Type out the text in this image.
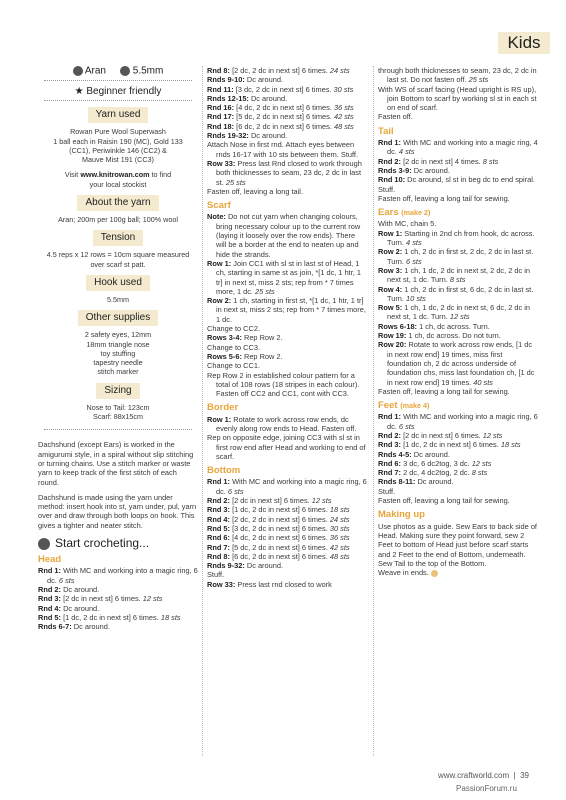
Kids
Aran	5.5mm
★ Beginner friendly
Yarn used
Rowan Pure Wool Superwash
1 ball each in Raisin 190 (MC), Gold 133
(CC1), Periwinkle 146 (CC2) &
Mauve Mist 191 (CC3)
Visit www.knitrowan.com to find
your local stockist
About the yarn
Aran; 200m per 100g ball; 100% wool
Tension
4.5 reps x 12 rows = 10cm square measured
over scarf st patt.
Hook used
5.5mm
Other supplies
2 safety eyes, 12mm
18mm triangle nose
toy stuffing
tapestry needle
stitch marker
Sizing
Nose to Tail: 123cm
Scarf: 88x15cm

Dachshund (except Ears) is worked in the amigurumi style, in a spiral without slip stitching or turning chains. Use a stitch marker or waste yarn to keep track of the first stitch of each round.

Dachshund is made using the yarn under method: insert hook into st, yarn under, pul, yarn over and draw through both loops on hook. This gives a tighter and neater stitch.

Start crocheting...
Head
Rnd 1: With MC and working into a magic ring, 6 dc. 6 sts
Rnd 2: Dc around.
Rnd 3: [2 dc in next st] 6 times. 12 sts
Rnd 4: Dc around.
Rnd 5: [1 dc, 2 dc in next st] 6 times. 18 sts
Rnds 6-7: Dc around.
Rnd 8: [2 dc, 2 dc in next st] 6 times. 24 sts
Rnds 9-10: Dc around.
Rnd 11: [3 dc, 2 dc in next st] 6 times. 30 sts
Rnds 12-15: Dc around.
Rnd 16: [4 dc, 2 dc in next st] 6 times. 36 sts
Rnd 17: [5 dc, 2 dc in next st] 6 times. 42 sts
Rnd 18: [6 dc, 2 dc in next st] 6 times. 48 sts
Rnds 19-32: Dc around.
Attach Nose in first rnd. Attach eyes between rnds 16-17 with 10 sts between them. Stuff.
Row 33: Press last Rnd closed to work through both thicknesses to seam, 23 dc, 2 dc in last st. 25 sts
Fasten off, leaving a long tail.
Scarf
Note: Do not cut yarn when changing colours, bring necessary colour up to the current row (laying it loosely over the row ends). There will be a border at the end to neaten up and hide the strands.
Row 1: Join CC1 with sl st in last st of Head, 1 ch, starting in same st as join, *[1 dc, 1 htr, 1 tr] in next st, miss 2 sts; rep from * 7 times more, 1 dc. 25 sts
Row 2: 1 ch, starting in first st, *[1 dc, 1 htr, 1 tr] in next st, miss 2 sts; rep from * 7 times more, 1 dc.
Change to CC2.
Rows 3-4: Rep Row 2.
Change to CC3.
Rows 5-6: Rep Row 2.
Change to CC1.
Rep Row 2 in established colour pattern for a total of 108 rows (18 stripes in each colour). Fasten off CC2 and CC1, cont with CC3.
Border
Row 1: Rotate to work across row ends, dc evenly along row ends to Head. Fasten off.
Rep on opposite edge, joining CC3 with sl st in first row end after Head and working to end of scarf.
Bottom
Rnd 1: With MC and working into a magic ring, 6 dc. 6 sts
Rnd 2: [2 dc in next st] 6 times. 12 sts
Rnd 3: [1 dc, 2 dc in next st] 6 times. 18 sts
Rnd 4: [2 dc, 2 dc in next st] 6 times. 24 sts
Rnd 5: [3 dc, 2 dc in next st] 6 times. 30 sts
Rnd 6: [4 dc, 2 dc in next st] 6 times. 36 sts
Rnd 7: [5 dc, 2 dc in next st] 6 times. 42 sts
Rnd 8: [6 dc, 2 dc in next st] 6 times. 48 sts
Rnds 9-32: Dc around.
Stuff.
Row 33: Press last rnd closed to work
through both thicknesses to seam, 23 dc, 2 dc in last st. Do not fasten off. 25 sts
With WS of scarf facing (Head upright is RS up), join Bottom to scarf by working sl st in each st on end of scarf.
Fasten off.
Tail
Rnd 1: With MC and working into a magic ring, 4 dc. 4 sts
Rnd 2: [2 dc in next st] 4 times. 8 sts
Rnds 3-9: Dc around.
Rnd 10: Dc around, sl st in beg dc to end spiral.
Stuff.
Fasten off, leaving a long tail for sewing.
Ears (make 2)
With MC, chain 5.
Row 1: Starting in 2nd ch from hook, dc across. Turn. 4 sts
Row 2: 1 ch, 2 dc in first st, 2 dc, 2 dc in last st. Turn. 6 sts
Row 3: 1 ch, 1 dc, 2 dc in next st, 2 dc, 2 dc in next st, 1 dc. Turn. 8 sts
Row 4: 1 ch, 2 dc in first st, 6 dc, 2 dc in last st. Turn. 10 sts
Row 5: 1 ch, 1 dc, 2 dc in next st, 6 dc, 2 dc in next st, 1 dc. Turn. 12 sts
Rows 6-18: 1 ch, dc across. Turn.
Row 19: 1 ch, dc across. Do not turn.
Row 20: Rotate to work across row ends, [1 dc in next row end] 19 times, miss first foundation ch, 2 dc across underside of foundation chs, miss last foundation ch, [1 dc in next row end] 19 times. 40 sts
Fasten off, leaving a long tail for sewing.
Feet (make 4)
Rnd 1: With MC and working into a magic ring, 6 dc. 6 sts
Rnd 2: [2 dc in next st] 6 times. 12 sts
Rnd 3: [1 dc, 2 dc in next st] 6 times. 18 sts
Rnds 4-5: Dc around.
Rnd 6: 3 dc, 6 dc2tog, 3 dc. 12 sts
Rnd 7: 2 dc, 4 dc2tog, 2 dc. 8 sts
Rnds 8-11: Dc around.
Stuff.
Fasten off, leaving a long tail for sewing.
Making up
Use photos as a guide. Sew Ears to back side of Head. Making sure they point forward, sew 2 Feet to bottom of Head just before scarf starts and 2 Feet to the end of Bottom, underneath. Sew Tail to the top of the Bottom.
Weave in ends.
www.craftworld.com  |  39
PassionForum.ru
